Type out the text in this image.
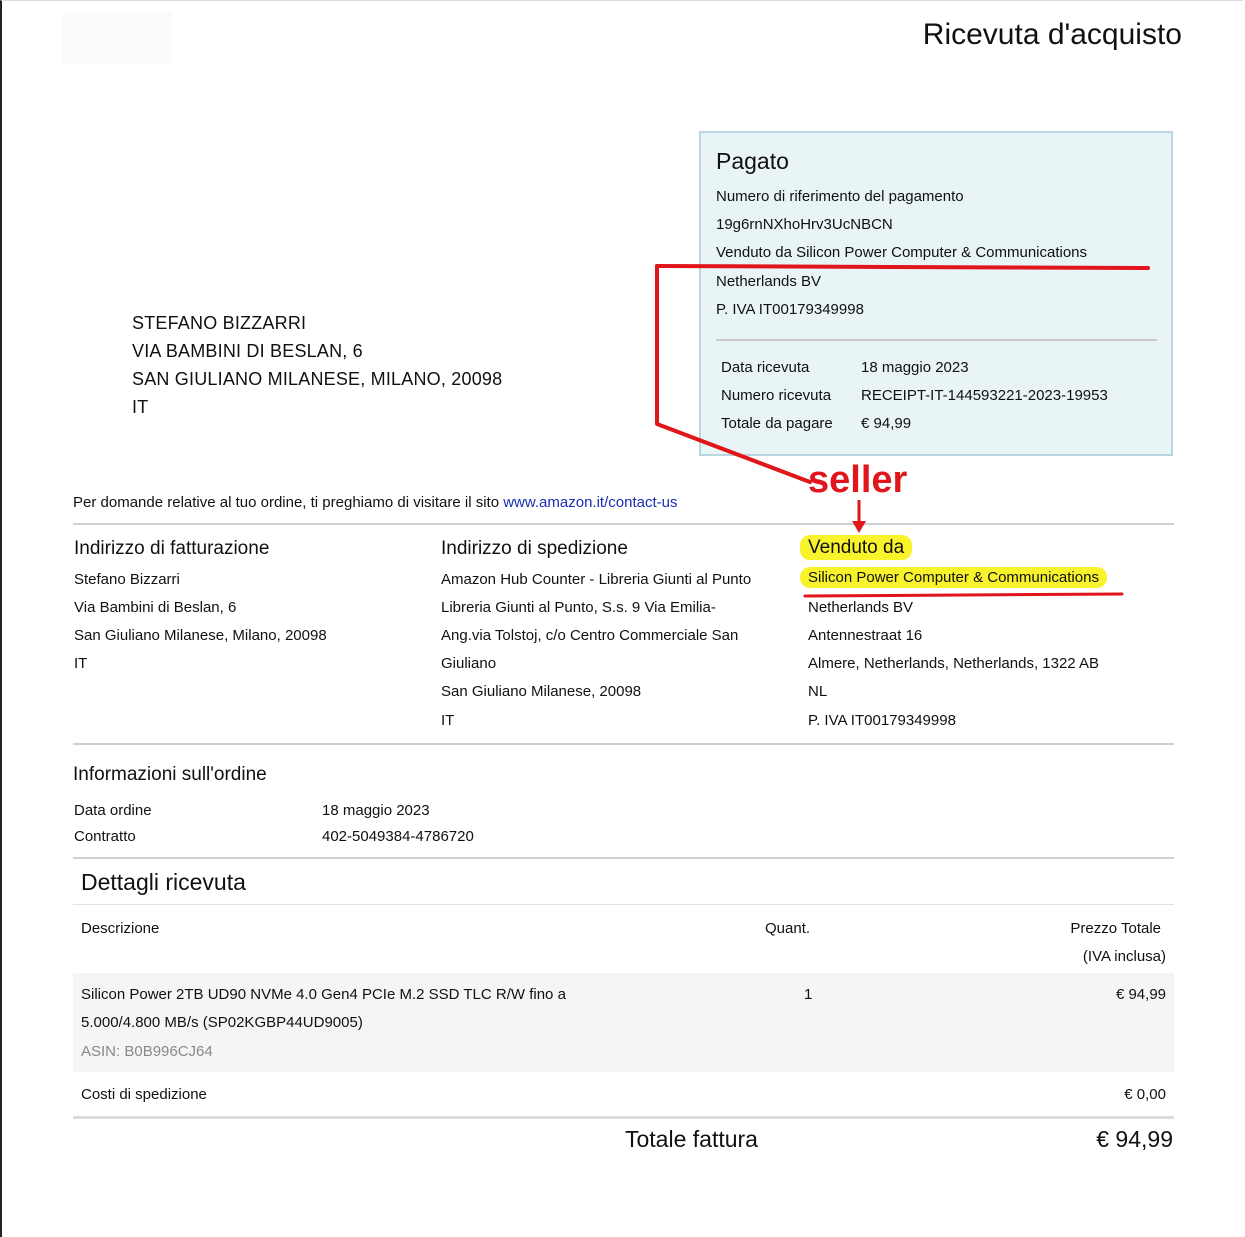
Ricevuta d'acquisto
Pagato
Numero di riferimento del pagamento
19g6rnNXhoHrv3UcNBCN
Venduto da Silicon Power Computer & Communications
Netherlands BV
P. IVA IT00179349998
Data ricevuta	18 maggio 2023
Numero ricevuta RECEIPT-IT-144593221-2023-19953
Totale da pagare € 94,99
STEFANO BIZZARRI
VIA BAMBINI DI BESLAN, 6
SAN GIULIANO MILANESE, MILANO, 20098
IT
Per domande relative al tuo ordine, ti preghiamo di visitare il sito www.amazon.it/contact-us
Indirizzo di fatturazione
Stefano Bizzarri
Via Bambini di Beslan, 6
San Giuliano Milanese, Milano, 20098
IT
Indirizzo di spedizione
Amazon Hub Counter - Libreria Giunti al Punto
Libreria Giunti al Punto, S.s. 9 Via Emilia-
Ang.via Tolstoj, c/o Centro Commerciale San
Giuliano
San Giuliano Milanese, 20098
IT
Venduto da
Silicon Power Computer & Communications
Netherlands BV
Antennestraat 16
Almere, Netherlands, Netherlands, 1322 AB
NL
P. IVA IT00179349998
Informazioni sull'ordine
Data ordine	18 maggio 2023
Contratto	402-5049384-4786720
Dettagli ricevuta
Descrizione	Quant.	Prezzo Totale
(IVA inclusa)
Silicon Power 2TB UD90 NVMe 4.0 Gen4 PCIe M.2 SSD TLC R/W fino a
5.000/4.800 MB/s (SP02KGBP44UD9005)
ASIN: B0B996CJ64
1	€ 94,99
Costi di spedizione	€ 0,00
Totale fattura	€ 94,99
seller
